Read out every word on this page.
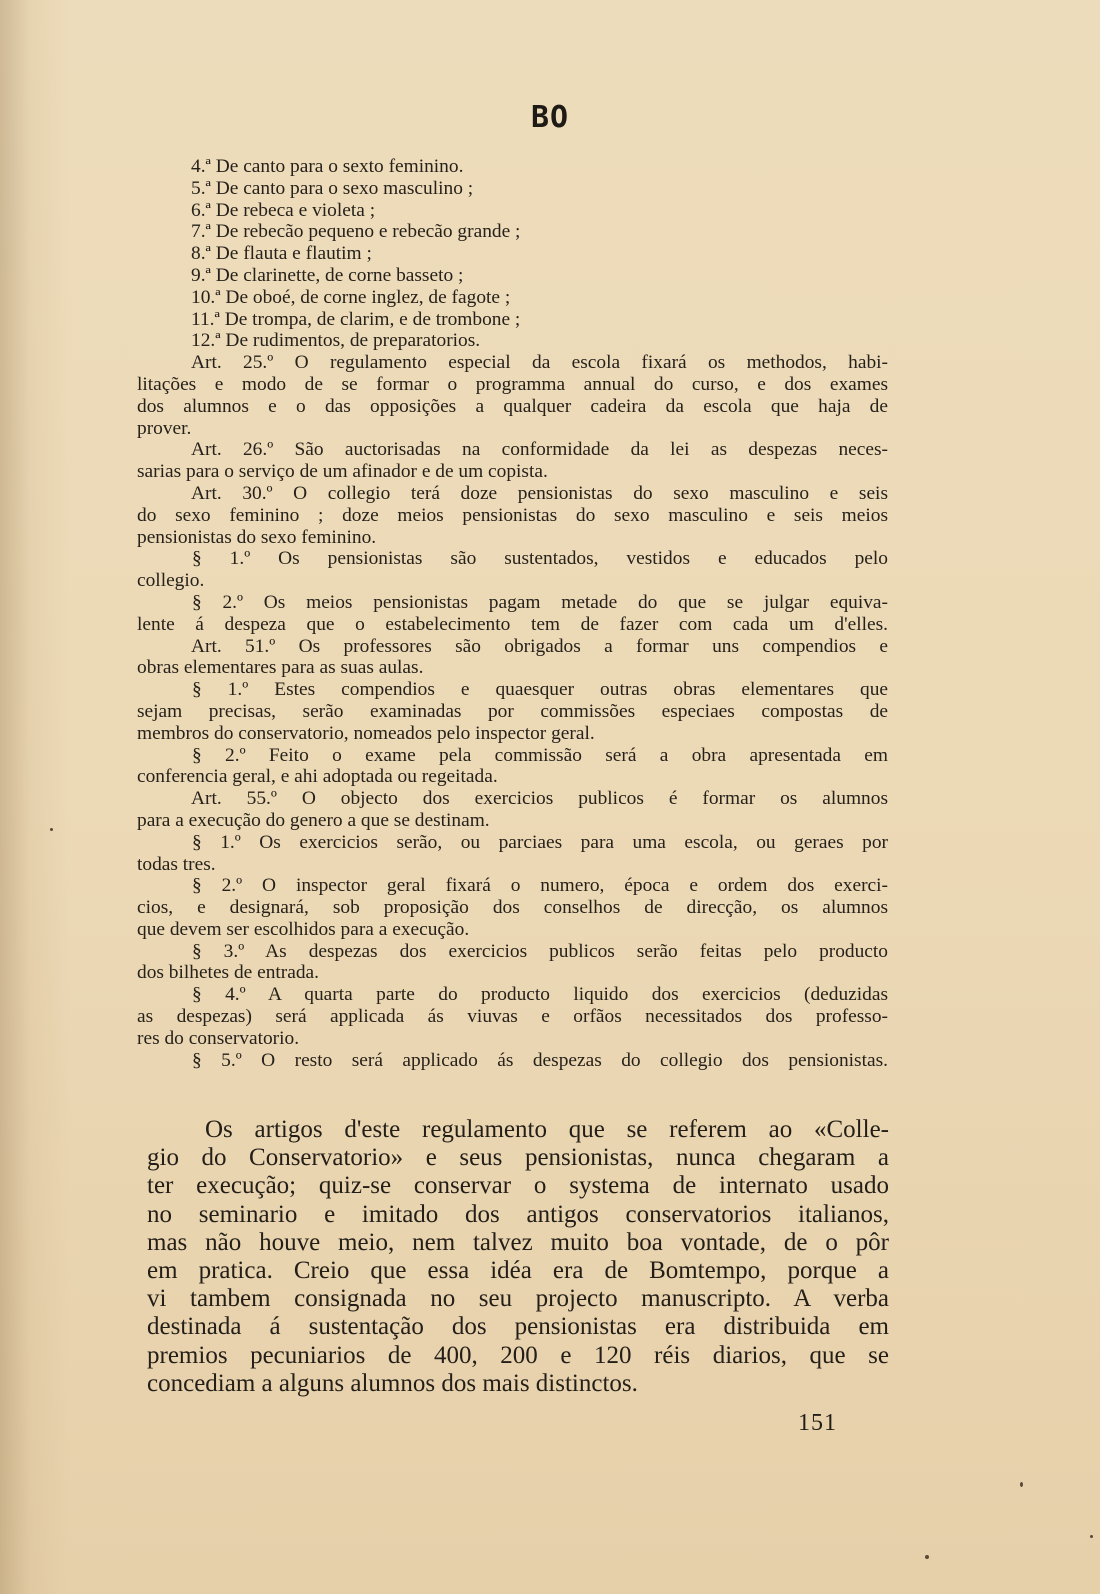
BO
4.ª De canto para o sexto feminino.
5.ª De canto para o sexo masculino ;
6.ª De rebeca e violeta ;
7.ª De rebecão pequeno e rebecão grande ;
8.ª De flauta e flautim ;
9.ª De clarinette, de corne basseto ;
10.ª De oboé, de corne inglez, de fagote ;
11.ª De trompa, de clarim, e de trombone ;
12.ª De rudimentos, de preparatorios.
Art. 25.º O regulamento especial da escola fixará os methodos, habi-
litações e modo de se formar o programma annual do curso, e dos exames
dos alumnos e o das opposições a qualquer cadeira da escola que haja de
prover.
Art. 26.º São auctorisadas na conformidade da lei as despezas neces-
sarias para o serviço de um afinador e de um copista.
Art. 30.º O collegio terá doze pensionistas do sexo masculino e seis
do sexo feminino ; doze meios pensionistas do sexo masculino e seis meios
pensionistas do sexo feminino.
§ 1.º Os pensionistas são sustentados, vestidos e educados pelo
collegio.
§ 2.º Os meios pensionistas pagam metade do que se julgar equiva-
lente á despeza que o estabelecimento tem de fazer com cada um d'elles.
Art. 51.º Os professores são obrigados a formar uns compendios e
obras elementares para as suas aulas.
§ 1.º Estes compendios e quaesquer outras obras elementares que
sejam precisas, serão examinadas por commissões especiaes compostas de
membros do conservatorio, nomeados pelo inspector geral.
§ 2.º Feito o exame pela commissão será a obra apresentada em
conferencia geral, e ahi adoptada ou regeitada.
Art. 55.º O objecto dos exercicios publicos é formar os alumnos
para a execução do genero a que se destinam.
§ 1.º Os exercicios serão, ou parciaes para uma escola, ou geraes por
todas tres.
§ 2.º O inspector geral fixará o numero, época e ordem dos exerci-
cios, e designará, sob proposição dos conselhos de direcção, os alumnos
que devem ser escolhidos para a execução.
§ 3.º As despezas dos exercicios publicos serão feitas pelo producto
dos bilhetes de entrada.
§ 4.º A quarta parte do producto liquido dos exercicios (deduzidas
as despezas) será applicada ás viuvas e orfãos necessitados dos professo-
res do conservatorio.
§ 5.º O resto será applicado ás despezas do collegio dos pensionistas.
Os artigos d'este regulamento que se referem ao «Colle-
gio do Conservatorio» e seus pensionistas, nunca chegaram a
ter execução; quiz-se conservar o systema de internato usado
no seminario e imitado dos antigos conservatorios italianos,
mas não houve meio, nem talvez muito boa vontade, de o pôr
em pratica. Creio que essa idéa era de Bomtempo, porque a
vi tambem consignada no seu projecto manuscripto. A verba
destinada á sustentação dos pensionistas era distribuida em
premios pecuniarios de 400, 200 e 120 réis diarios, que se
concediam a alguns alumnos dos mais distinctos.
151
